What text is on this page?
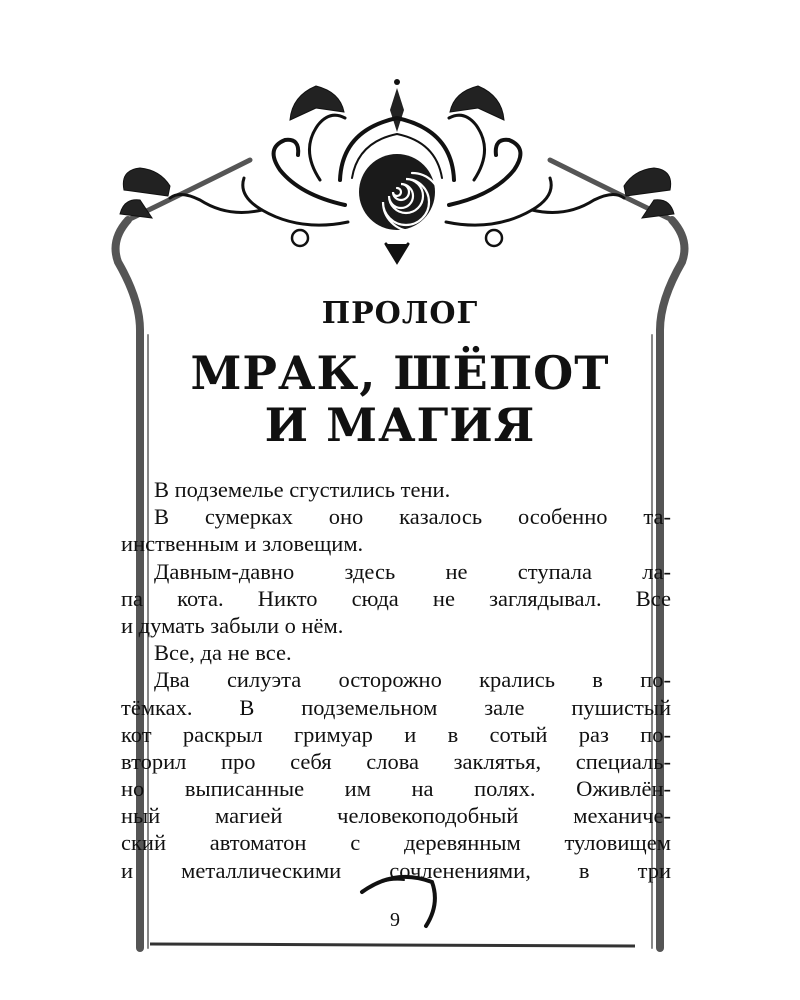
ПРОЛОГ
МРАК, ШЁПОТ
И МАГИЯ
В подземелье сгустились тени.
В сумерках оно казалось особенно та-
инственным и зловещим.
Давным-давно здесь не ступала ла-
па кота. Никто сюда не заглядывал. Все
и думать забыли о нём.
Все, да не все.
Два силуэта осторожно крались в по-
тёмках. В подземельном зале пушистый
кот раскрыл гримуар и в сотый раз по-
вторил про себя слова заклятья, специаль-
но выписанные им на полях. Оживлён-
ный магией человекоподобный механиче-
ский автоматон с деревянным туловищем
и металлическими сочленениями, в три
9
